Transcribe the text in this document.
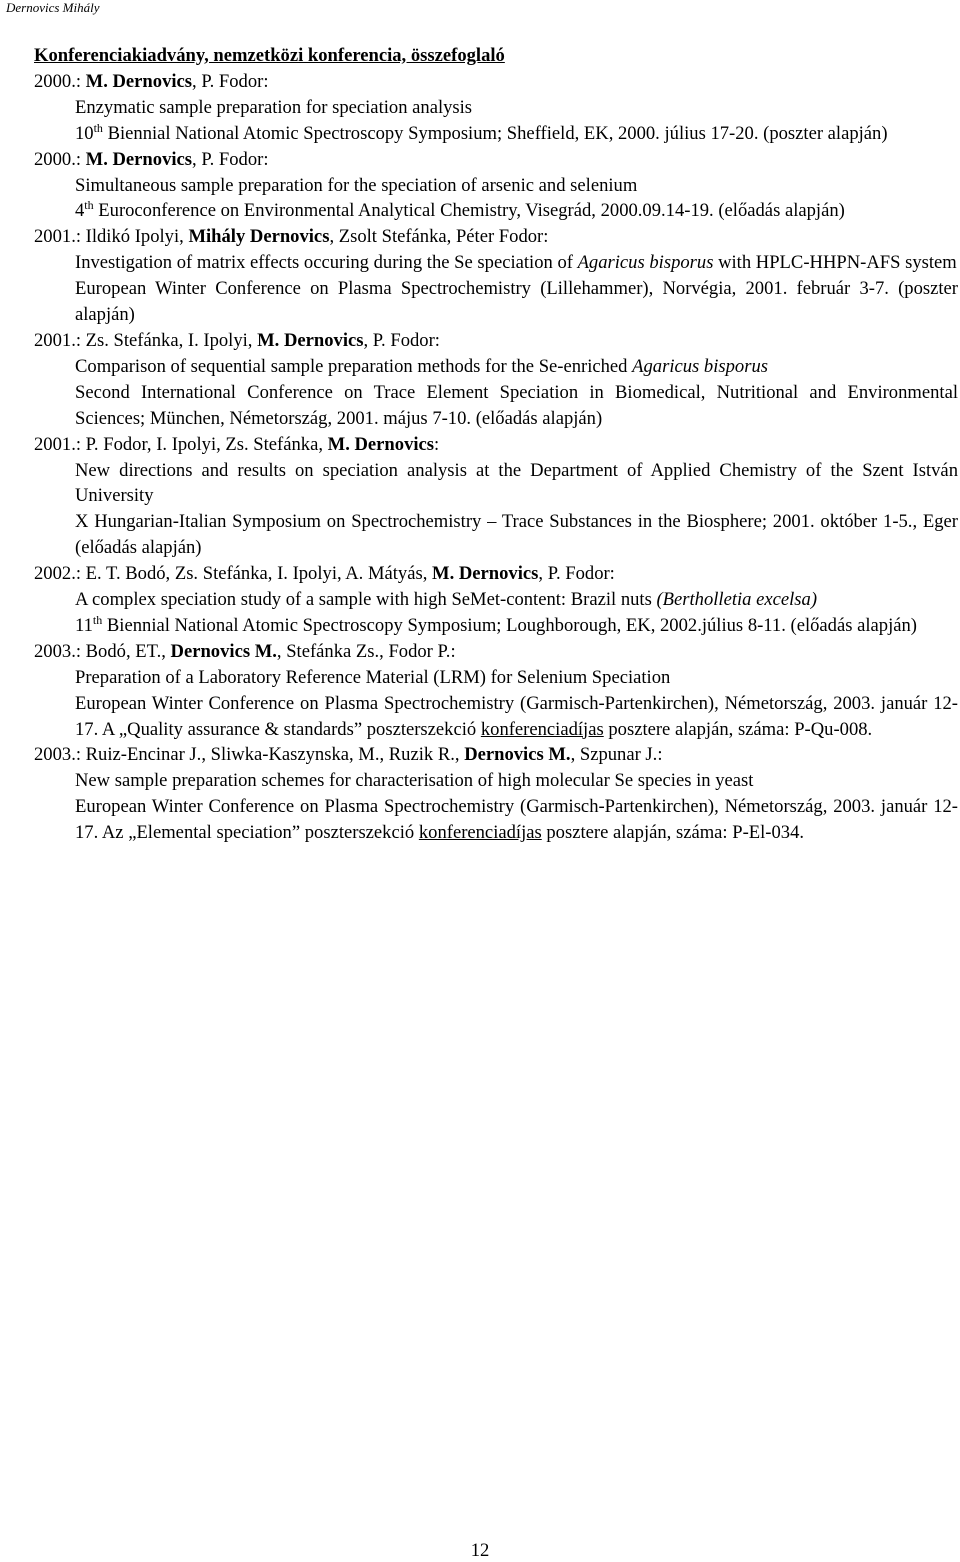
Dernovics Mihály
Konferenciakiadvány, nemzetközi konferencia, összefoglaló
2000.: M. Dernovics, P. Fodor:
Enzymatic sample preparation for speciation analysis
10th Biennial National Atomic Spectroscopy Symposium; Sheffield, EK, 2000. július 17-20. (poszter alapján)
2000.: M. Dernovics, P. Fodor:
Simultaneous sample preparation for the speciation of arsenic and selenium
4th Euroconference on Environmental Analytical Chemistry, Visegrád, 2000.09.14-19. (előadás alapján)
2001.: Ildikó Ipolyi, Mihály Dernovics, Zsolt Stefánka, Péter Fodor:
Investigation of matrix effects occuring during the Se speciation of Agaricus bisporus with HPLC-HHPN-AFS system
European Winter Conference on Plasma Spectrochemistry (Lillehammer), Norvégia, 2001. február 3-7. (poszter alapján)
2001.: Zs. Stefánka, I. Ipolyi, M. Dernovics, P. Fodor:
Comparison of sequential sample preparation methods for the Se-enriched Agaricus bisporus
Second International Conference on Trace Element Speciation in Biomedical, Nutritional and Environmental Sciences; München, Németország, 2001. május 7-10. (előadás alapján)
2001.: P. Fodor, I. Ipolyi, Zs. Stefánka, M. Dernovics:
New directions and results on speciation analysis at the Department of Applied Chemistry of the Szent István University
X Hungarian-Italian Symposium on Spectrochemistry – Trace Substances in the Biosphere; 2001. október 1-5., Eger (előadás alapján)
2002.: E. T. Bodó, Zs. Stefánka, I. Ipolyi, A. Mátyás, M. Dernovics, P. Fodor:
A complex speciation study of a sample with high SeMet-content: Brazil nuts (Bertholletia excelsa)
11th Biennial National Atomic Spectroscopy Symposium; Loughborough, EK, 2002.július 8-11. (előadás alapján)
2003.: Bodó, ET., Dernovics M., Stefánka Zs., Fodor P.:
Preparation of a Laboratory Reference Material (LRM) for Selenium Speciation
European Winter Conference on Plasma Spectrochemistry (Garmisch-Partenkirchen), Németország, 2003. január 12-17. A „Quality assurance & standards” poszterszekció konferenciadíjas posztere alapján, száma: P-Qu-008.
2003.: Ruiz-Encinar J., Sliwka-Kaszynska, M., Ruzik R., Dernovics M., Szpunar J.:
New sample preparation schemes for characterisation of high molecular Se species in yeast
European Winter Conference on Plasma Spectrochemistry (Garmisch-Partenkirchen), Németország, 2003. január 12-17. Az „Elemental speciation” poszterszekció konferenciadíjas posztere alapján, száma: P-El-034.
12
